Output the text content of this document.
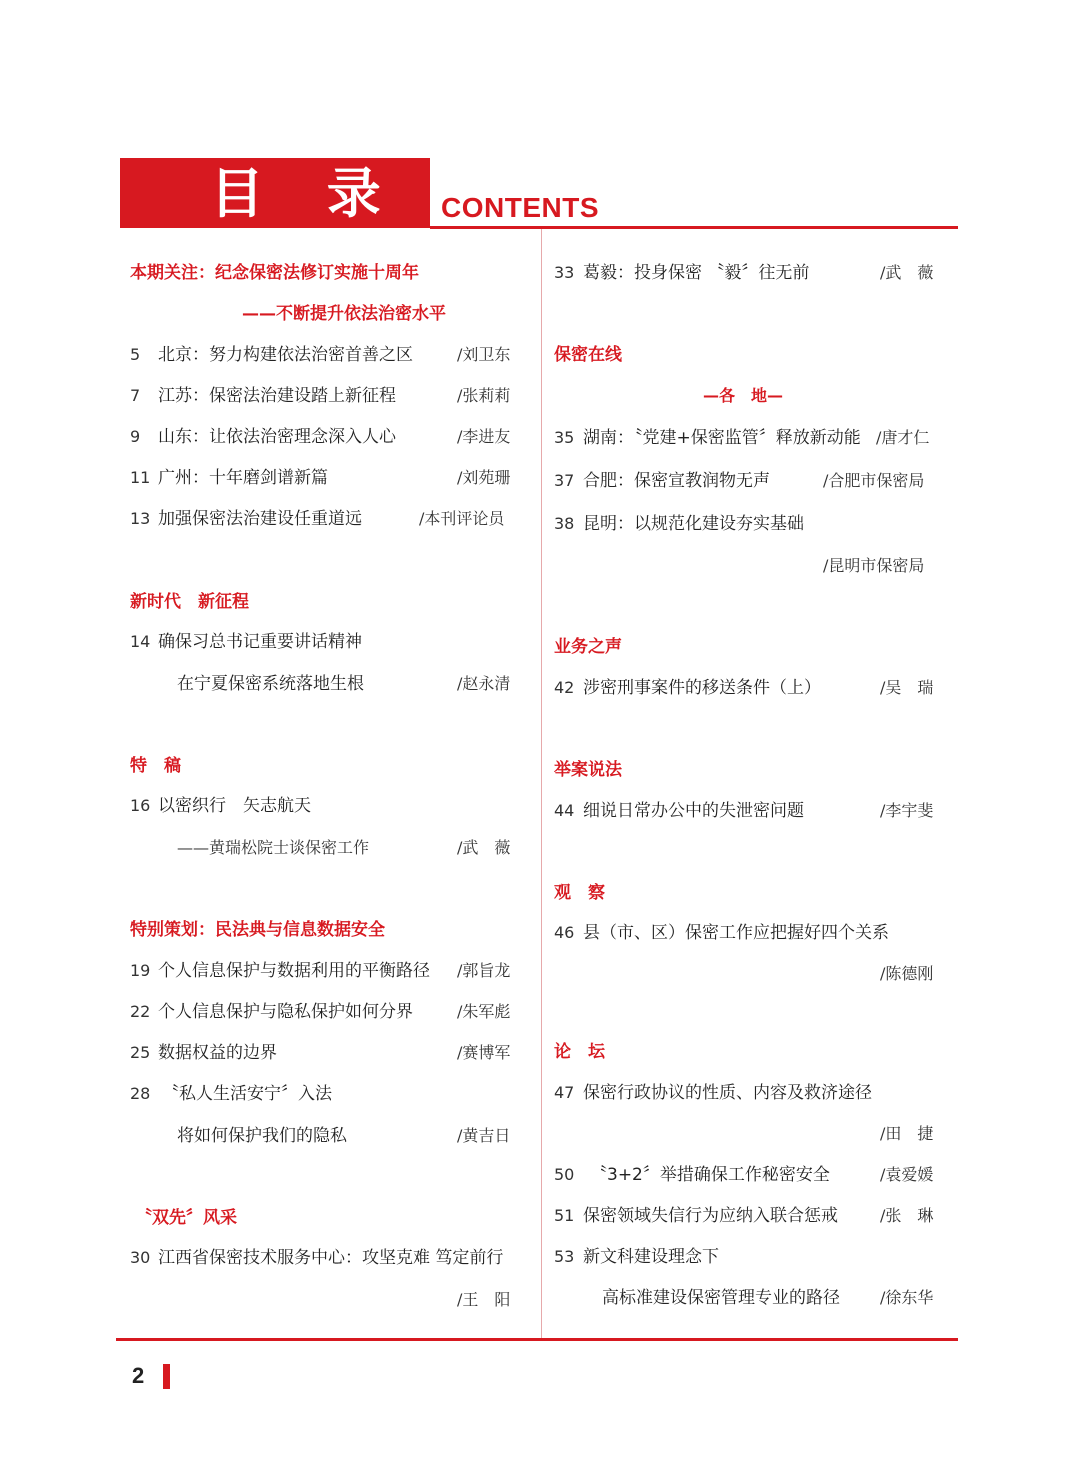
目 录 CONTENTS
本期关注：纪念保密法修订实施十周年
——不断提升依法治密水平
5 北京：努力构建依法治密首善之区	/刘卫东
7 江苏：保密法治建设踏上新征程	/张莉莉
9 山东：让依法治密理念深入人心	/李进友
11 广州：十年磨剑谱新篇	/刘苑珊
13 加强保密法治建设任重道远	/本刊评论员
新时代　新征程
14 确保习总书记重要讲话精神
在宁夏保密系统落地生根	/赵永清
特　稿
16 以密织行　矢志航天
——黄瑞松院士谈保密工作	/武　薇
特别策划：民法典与信息数据安全
19 个人信息保护与数据利用的平衡路径 /郭旨龙
22 个人信息保护与隐私保护如何分界	/朱军彪
25 数据权益的边界	/赛博军
28 〝私人生活安宁〞入法
将如何保护我们的隐私	/黄吉日
〝双先〞风采
30 江西省保密技术服务中心：攻坚克难 笃定前行
/王　阳
33 葛毅：投身保密 〝毅〞往无前	/武　薇
保密在线
—各　地—
35 湖南：〝党建+保密监管〞释放新动能 /唐才仁
37 合肥：保密宣教润物无声	/合肥市保密局
38 昆明：以规范化建设夯实基础
/昆明市保密局
业务之声
42 涉密刑事案件的移送条件（上）	/吴　瑞
举案说法
44 细说日常办公中的失泄密问题	/李宇斐
观　察
46 县（市、区）保密工作应把握好四个关系
/陈德刚
论　坛
47 保密行政协议的性质、内容及救济途径
/田　捷
50 〝3+2〞举措确保工作秘密安全	/袁爱媛
51 保密领域失信行为应纳入联合惩戒	/张　琳
53 新文科建设理念下
高标准建设保密管理专业的路径	/徐东华
2
